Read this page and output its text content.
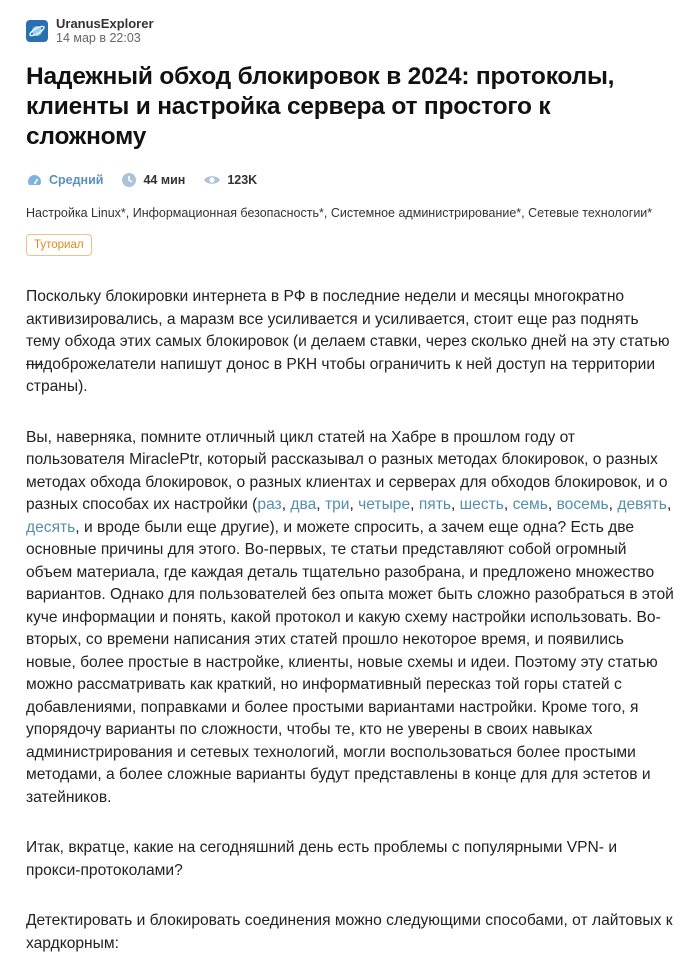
UranusExplorer
14 мар в 22:03
Надежный обход блокировок в 2024: протоколы, клиенты и настройка сервера от простого к сложному
Средний	44 мин	123K
Настройка Linux*, Информационная безопасность*, Системное администрирование*, Сетевые технологии*
Туториал

Поскольку блокировки интернета в РФ в последние недели и месяцы многократно активизировались, а маразм все усиливается и усиливается, стоит еще раз поднять тему обхода этих самых блокировок (и делаем ставки, через сколько дней на эту статью пидоброжелатели напишут донос в РКН чтобы ограничить к ней доступ на территории страны).

Вы, наверняка, помните отличный цикл статей на Хабре в прошлом году от пользователя MiraclePtr, который рассказывал о разных методах блокировок, о разных методах обхода блокировок, о разных клиентах и серверах для обходов блокировок, и о разных способах их настройки (раз, два, три, четыре, пять, шесть, семь, восемь, девять, десять, и вроде были еще другие), и можете спросить, а зачем еще одна? Есть две основные причины для этого. Во-первых, те статьи представляют собой огромный объем материала, где каждая деталь тщательно разобрана, и предложено множество вариантов. Однако для пользователей без опыта может быть сложно разобраться в этой куче информации и понять, какой протокол и какую схему настройки использовать. Во-вторых, со времени написания этих статей прошло некоторое время, и появились новые, более простые в настройке, клиенты, новые схемы и идеи. Поэтому эту статью можно рассматривать как краткий, но информативный пересказ той горы статей с добавлениями, поправками и более простыми вариантами настройки. Кроме того, я упорядочу варианты по сложности, чтобы те, кто не уверены в своих навыках администрирования и сетевых технологий, могли воспользоваться более простыми методами, а более сложные варианты будут представлены в конце для для эстетов и затейников.

Итак, вкратце, какие на сегодняшний день есть проблемы с популярными VPN- и прокси-протоколами?

Детектировать и блокировать соединения можно следующими способами, от лайтовых к хардкорным:
